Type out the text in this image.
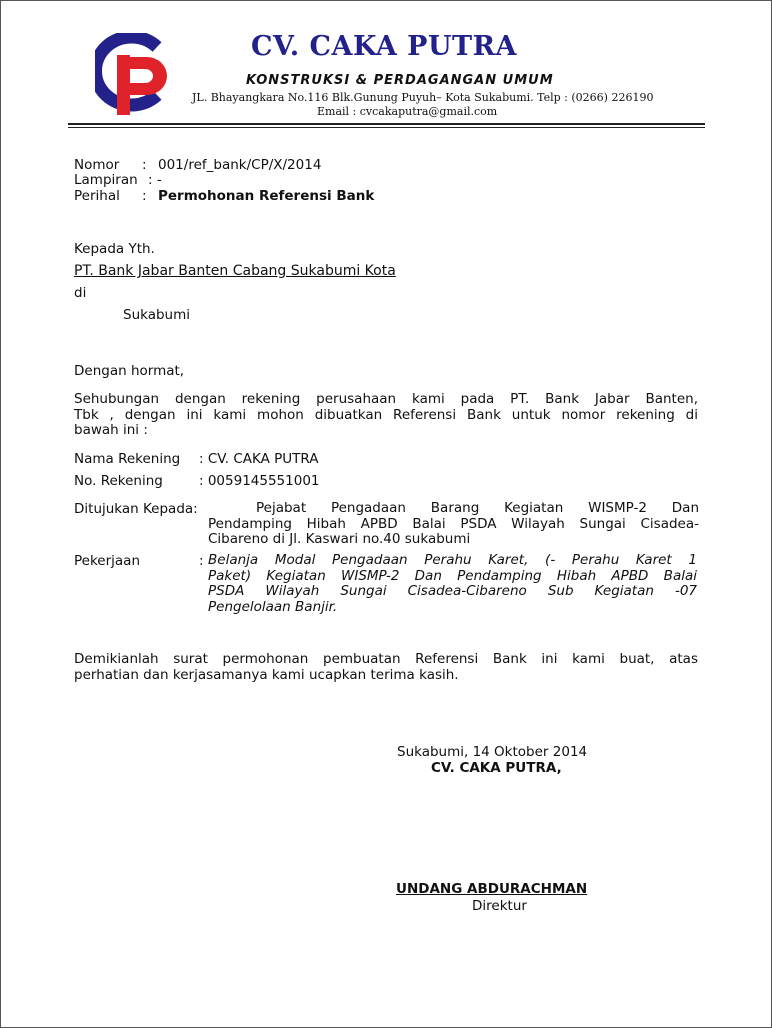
CV. CAKA PUTRA
KONSTRUKSI & PERDAGANGAN UMUM
JL. Bhayangkara No.116 Blk.Gunung Puyuh– Kota Sukabumi. Telp : (0266) 226190
Email : cvcakaputra@gmail.com
Nomor : 001/ref_bank/CP/X/2014
Lampiran : -
Perihal : Permohonan Referensi Bank
Kepada Yth.
PT. Bank Jabar Banten Cabang Sukabumi Kota
di
Sukabumi
Dengan hormat,
Sehubungan dengan rekening perusahaan kami pada PT. Bank Jabar Banten,
Tbk , dengan ini kami mohon dibuatkan Referensi Bank untuk nomor rekening di
bawah ini :
Nama Rekening : CV. CAKA PUTRA
No. Rekening	: 0059145551001
Ditujukan Kepada:	Pejabat Pengadaan Barang Kegiatan WISMP-2 Dan
Pendamping Hibah APBD Balai PSDA Wilayah Sungai Cisadea-
Cibareno di Jl. Kaswari no.40 sukabumi
Pekerjaan	: Belanja Modal Pengadaan Perahu Karet, (- Perahu Karet 1
Paket) Kegiatan WISMP-2 Dan Pendamping Hibah APBD Balai
PSDA Wilayah Sungai Cisadea-Cibareno Sub Kegiatan -07
Pengelolaan Banjir.
Demikianlah surat permohonan pembuatan Referensi Bank ini kami buat, atas
perhatian dan kerjasamanya kami ucapkan terima kasih.
Sukabumi, 14 Oktober 2014
CV. CAKA PUTRA,
UNDANG ABDURACHMAN
Direktur
